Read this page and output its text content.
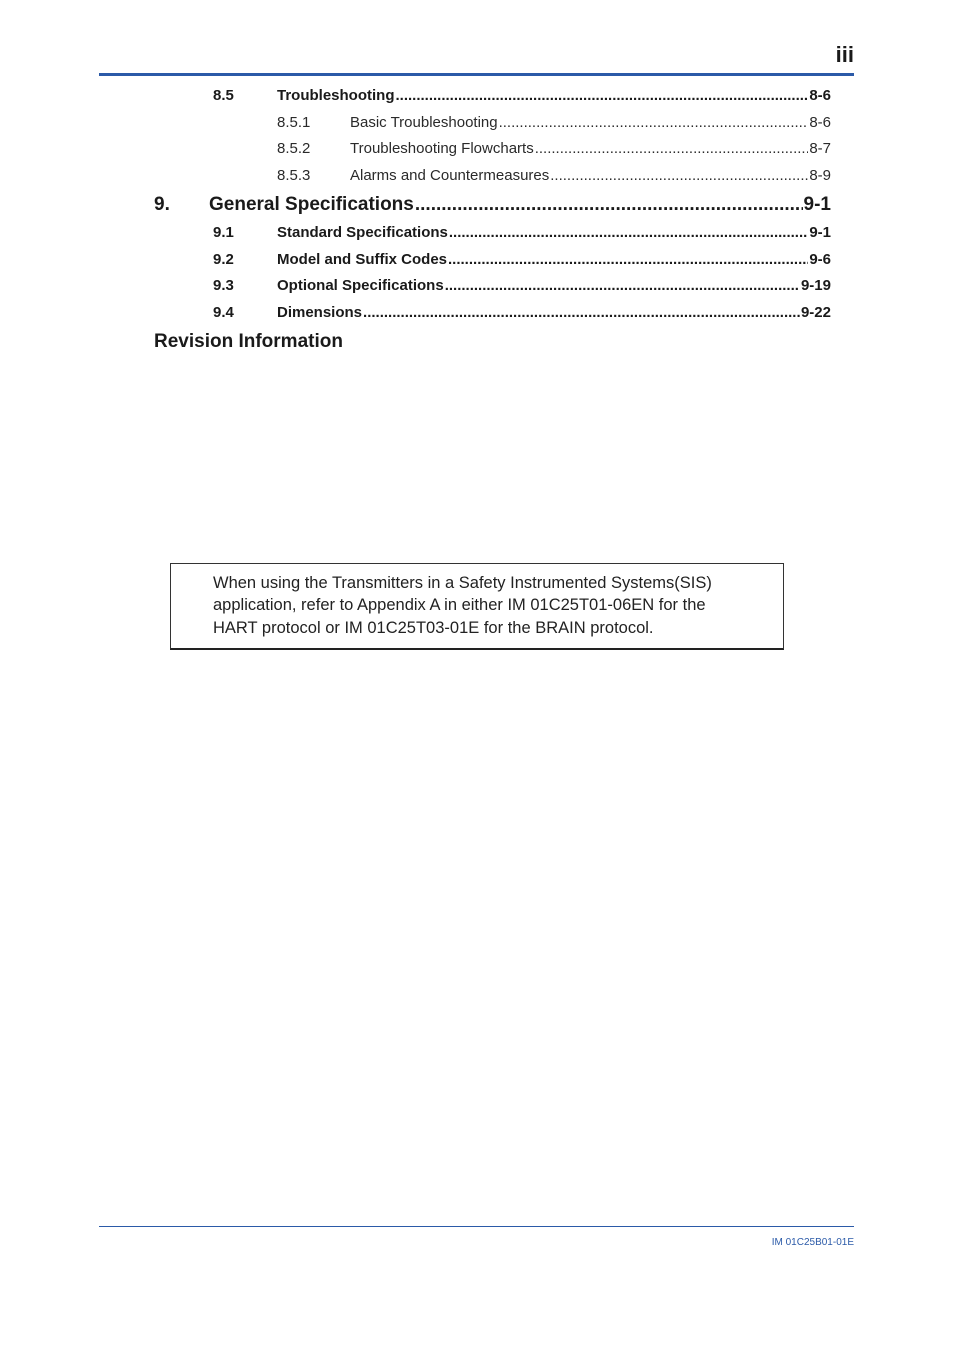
iii
8.5	Troubleshooting .....	8-6
8.5.1	Basic Troubleshooting .....	8-6
8.5.2	Troubleshooting Flowcharts .....	8-7
8.5.3	Alarms and Countermeasures .....	8-9
9. General Specifications .....	9-1
9.1	Standard Specifications .....	9-1
9.2	Model and Suffix Codes .....	9-6
9.3	Optional Specifications .....	9-19
9.4	Dimensions .....	9-22
Revision Information
When using the Transmitters in a Safety Instrumented Systems(SIS)
application, refer to Appendix A in either IM 01C25T01-06EN for the
HART protocol or IM 01C25T03-01E for the BRAIN protocol.
IM 01C25B01-01E
